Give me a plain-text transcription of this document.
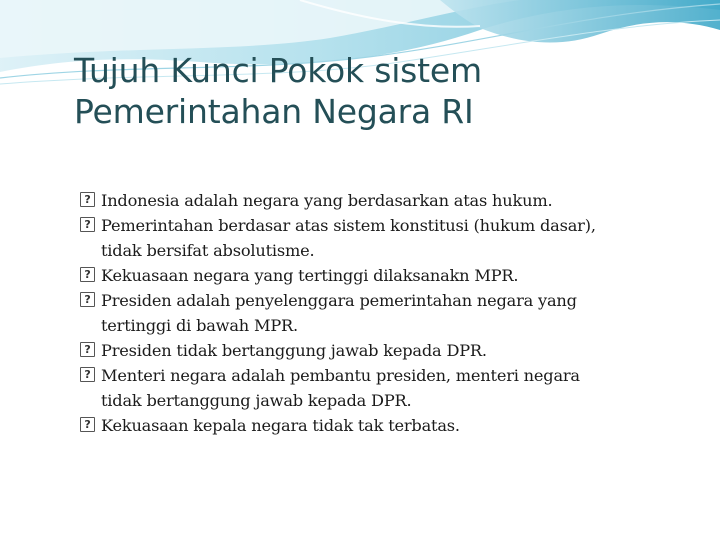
Tujuh Kunci Pokok sistem
Pemerintahan Negara RI
? Indonesia adalah negara yang berdasarkan atas hukum.
? Pemerintahan berdasar atas sistem konstitusi (hukum dasar), tidak bersifat absolutisme.
? Kekuasaan negara yang tertinggi dilaksanakn MPR.
? Presiden adalah penyelenggara pemerintahan negara yang tertinggi di bawah MPR.
? Presiden tidak bertanggung jawab kepada DPR.
? Menteri negara adalah pembantu presiden, menteri negara tidak bertanggung jawab kepada DPR.
? Kekuasaan kepala negara tidak tak terbatas.
